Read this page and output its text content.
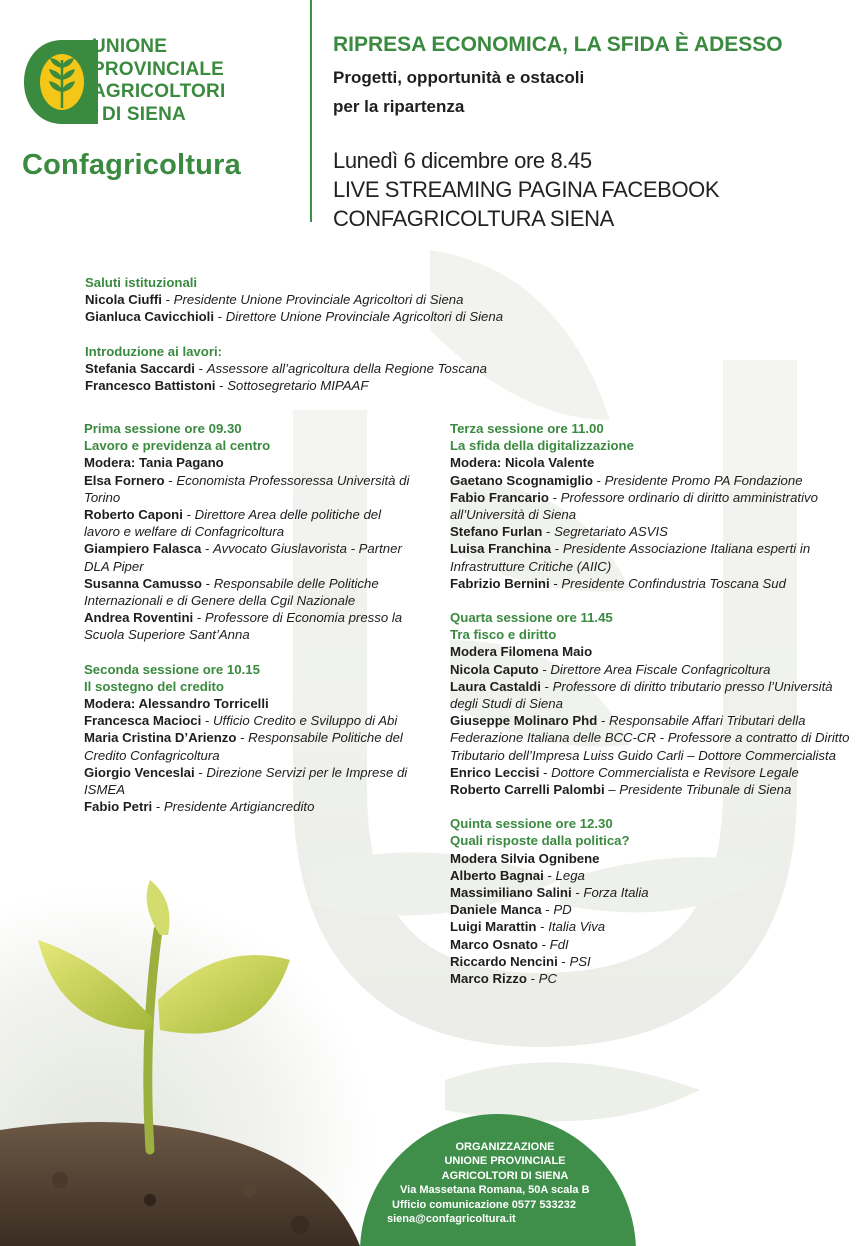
UNIONE
PROVINCIALE
AGRICOLTORI
DI SIENA
Confagricoltura
RIPRESA ECONOMICA, LA SFIDA È ADESSO
Progetti, opportunità e ostacoli
per la ripartenza
Lunedì 6 dicembre ore 8.45
LIVE STREAMING PAGINA FACEBOOK
CONFAGRICOLTURA SIENA
Saluti istituzionali
Nicola Ciuffi - Presidente Unione Provinciale Agricoltori di Siena
Gianluca Cavicchioli - Direttore Unione Provinciale Agricoltori di Siena
Introduzione ai lavori:
Stefania Saccardi - Assessore all’agricoltura della Regione Toscana
Francesco Battistoni - Sottosegretario MIPAAF
Prima sessione ore 09.30
Lavoro e previdenza al centro
Modera: Tania Pagano
Elsa Fornero - Economista Professoressa Università di Torino
Roberto Caponi - Direttore Area delle politiche del lavoro e welfare di Confagricoltura
Giampiero Falasca - Avvocato Giuslavorista - Partner DLA Piper
Susanna Camusso - Responsabile delle Politiche Internazionali e di Genere della Cgil Nazionale
Andrea Roventini - Professore di Economia presso la Scuola Superiore Sant’Anna
Seconda sessione ore 10.15
Il sostegno del credito
Modera: Alessandro Torricelli
Francesca Macioci - Ufficio Credito e Sviluppo di Abi
Maria Cristina D’Arienzo - Responsabile Politiche del Credito Confagricoltura
Giorgio Venceslai - Direzione Servizi per le Imprese di ISMEA
Fabio Petri - Presidente Artigiancredito
Terza sessione ore 11.00
La sfida della digitalizzazione
Modera: Nicola Valente
Gaetano Scognamiglio - Presidente Promo PA Fondazione
Fabio Francario - Professore ordinario di diritto amministrativo all’Università di Siena
Stefano Furlan - Segretariato ASVIS
Luisa Franchina - Presidente Associazione Italiana esperti in Infrastrutture Critiche (AIIC)
Fabrizio Bernini - Presidente Confindustria Toscana Sud
Quarta sessione ore 11.45
Tra fisco e diritto
Modera Filomena Maio
Nicola Caputo - Direttore Area Fiscale Confagricoltura
Laura Castaldi - Professore di diritto tributario presso l’Università degli Studi di Siena
Giuseppe Molinaro Phd - Responsabile Affari Tributari della Federazione Italiana delle BCC-CR - Professore a contratto di Diritto Tributario dell’Impresa Luiss Guido Carli – Dottore Commercialista
Enrico Leccisi - Dottore Commercialista e Revisore Legale
Roberto Carrelli Palombi – Presidente Tribunale di Siena
Quinta sessione ore 12.30
Quali risposte dalla politica?
Modera Silvia Ognibene
Alberto Bagnai - Lega
Massimiliano Salini - Forza Italia
Daniele Manca - PD
Luigi Marattin - Italia Viva
Marco Osnato - FdI
Riccardo Nencini - PSI
Marco Rizzo - PC
ORGANIZZAZIONE
UNIONE PROVINCIALE
AGRICOLTORI DI SIENA
Via Massetana Romana, 50A scala B
Ufficio comunicazione 0577 533232
siena@confagricoltura.it
